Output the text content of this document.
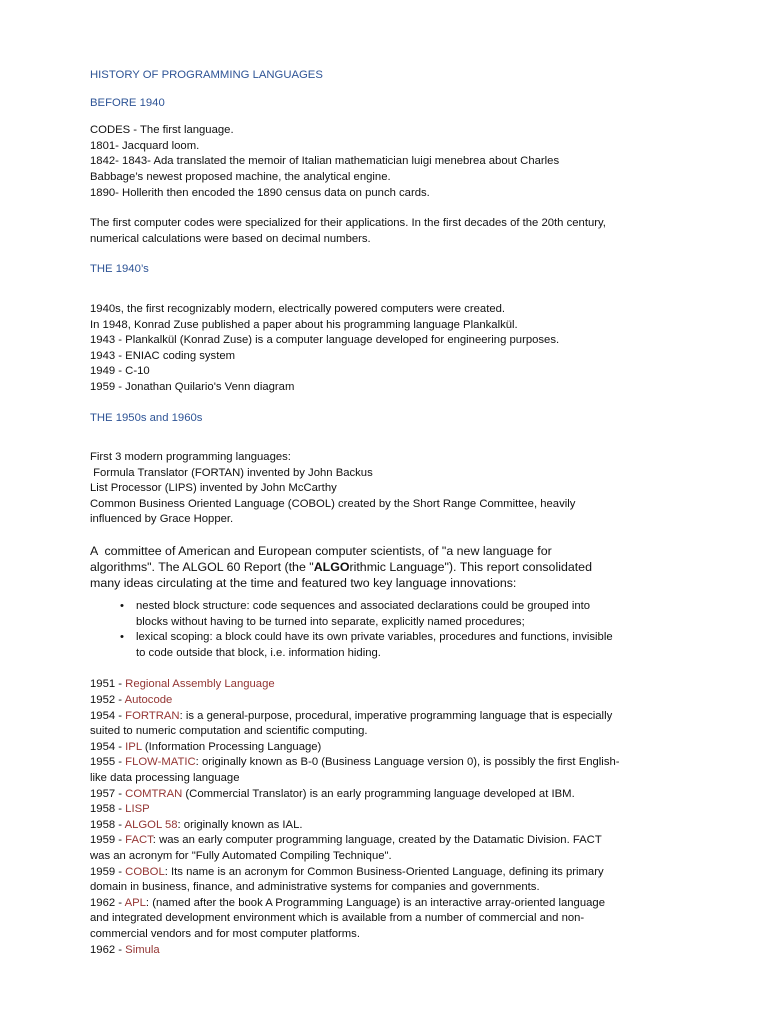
HISTORY OF PROGRAMMING LANGUAGES
BEFORE 1940
CODES - The first language.
1801- Jacquard loom.
1842- 1843- Ada translated the memoir of Italian mathematician luigi menebrea about Charles
Babbage’s newest proposed machine, the analytical engine.
1890- Hollerith then encoded the 1890 census data on punch cards.
The first computer codes were specialized for their applications. In the first decades of the 20th century,
numerical calculations were based on decimal numbers.
THE 1940’s
1940s, the first recognizably modern, electrically powered computers were created.
In 1948, Konrad Zuse published a paper about his programming language Plankalkül.
1943 - Plankalkül (Konrad Zuse) is a computer language developed for engineering purposes.
1943 - ENIAC coding system
1949 - C-10
1959 - Jonathan Quilario's Venn diagram
THE 1950s and 1960s
First 3 modern programming languages:
Formula Translator (FORTAN) invented by John Backus
List Processor (LIPS) invented by John McCarthy
Common Business Oriented Language (COBOL) created by the Short Range Committee, heavily
influenced by Grace Hopper.
A  committee of American and European computer scientists, of "a new language for
algorithms". The ALGOL 60 Report (the "ALGOrithmic Language"). This report consolidated
many ideas circulating at the time and featured two key language innovations:
• nested block structure: code sequences and associated declarations could be grouped into
blocks without having to be turned into separate, explicitly named procedures;
• lexical scoping: a block could have its own private variables, procedures and functions, invisible
to code outside that block, i.e. information hiding.
1951 - Regional Assembly Language
1952 - Autocode
1954 - FORTRAN: is a general-purpose, procedural, imperative programming language that is especially
suited to numeric computation and scientific computing.
1954 - IPL (Information Processing Language)
1955 - FLOW-MATIC: originally known as B-0 (Business Language version 0), is possibly the first English-
like data processing language
1957 - COMTRAN (Commercial Translator) is an early programming language developed at IBM.
1958 - LISP
1958 - ALGOL 58: originally known as IAL.
1959 - FACT: was an early computer programming language, created by the Datamatic Division. FACT
was an acronym for "Fully Automated Compiling Technique".
1959 - COBOL: Its name is an acronym for Common Business-Oriented Language, defining its primary
domain in business, finance, and administrative systems for companies and governments.
1962 - APL: (named after the book A Programming Language) is an interactive array-oriented language
and integrated development environment which is available from a number of commercial and non-
commercial vendors and for most computer platforms.
1962 - Simula
